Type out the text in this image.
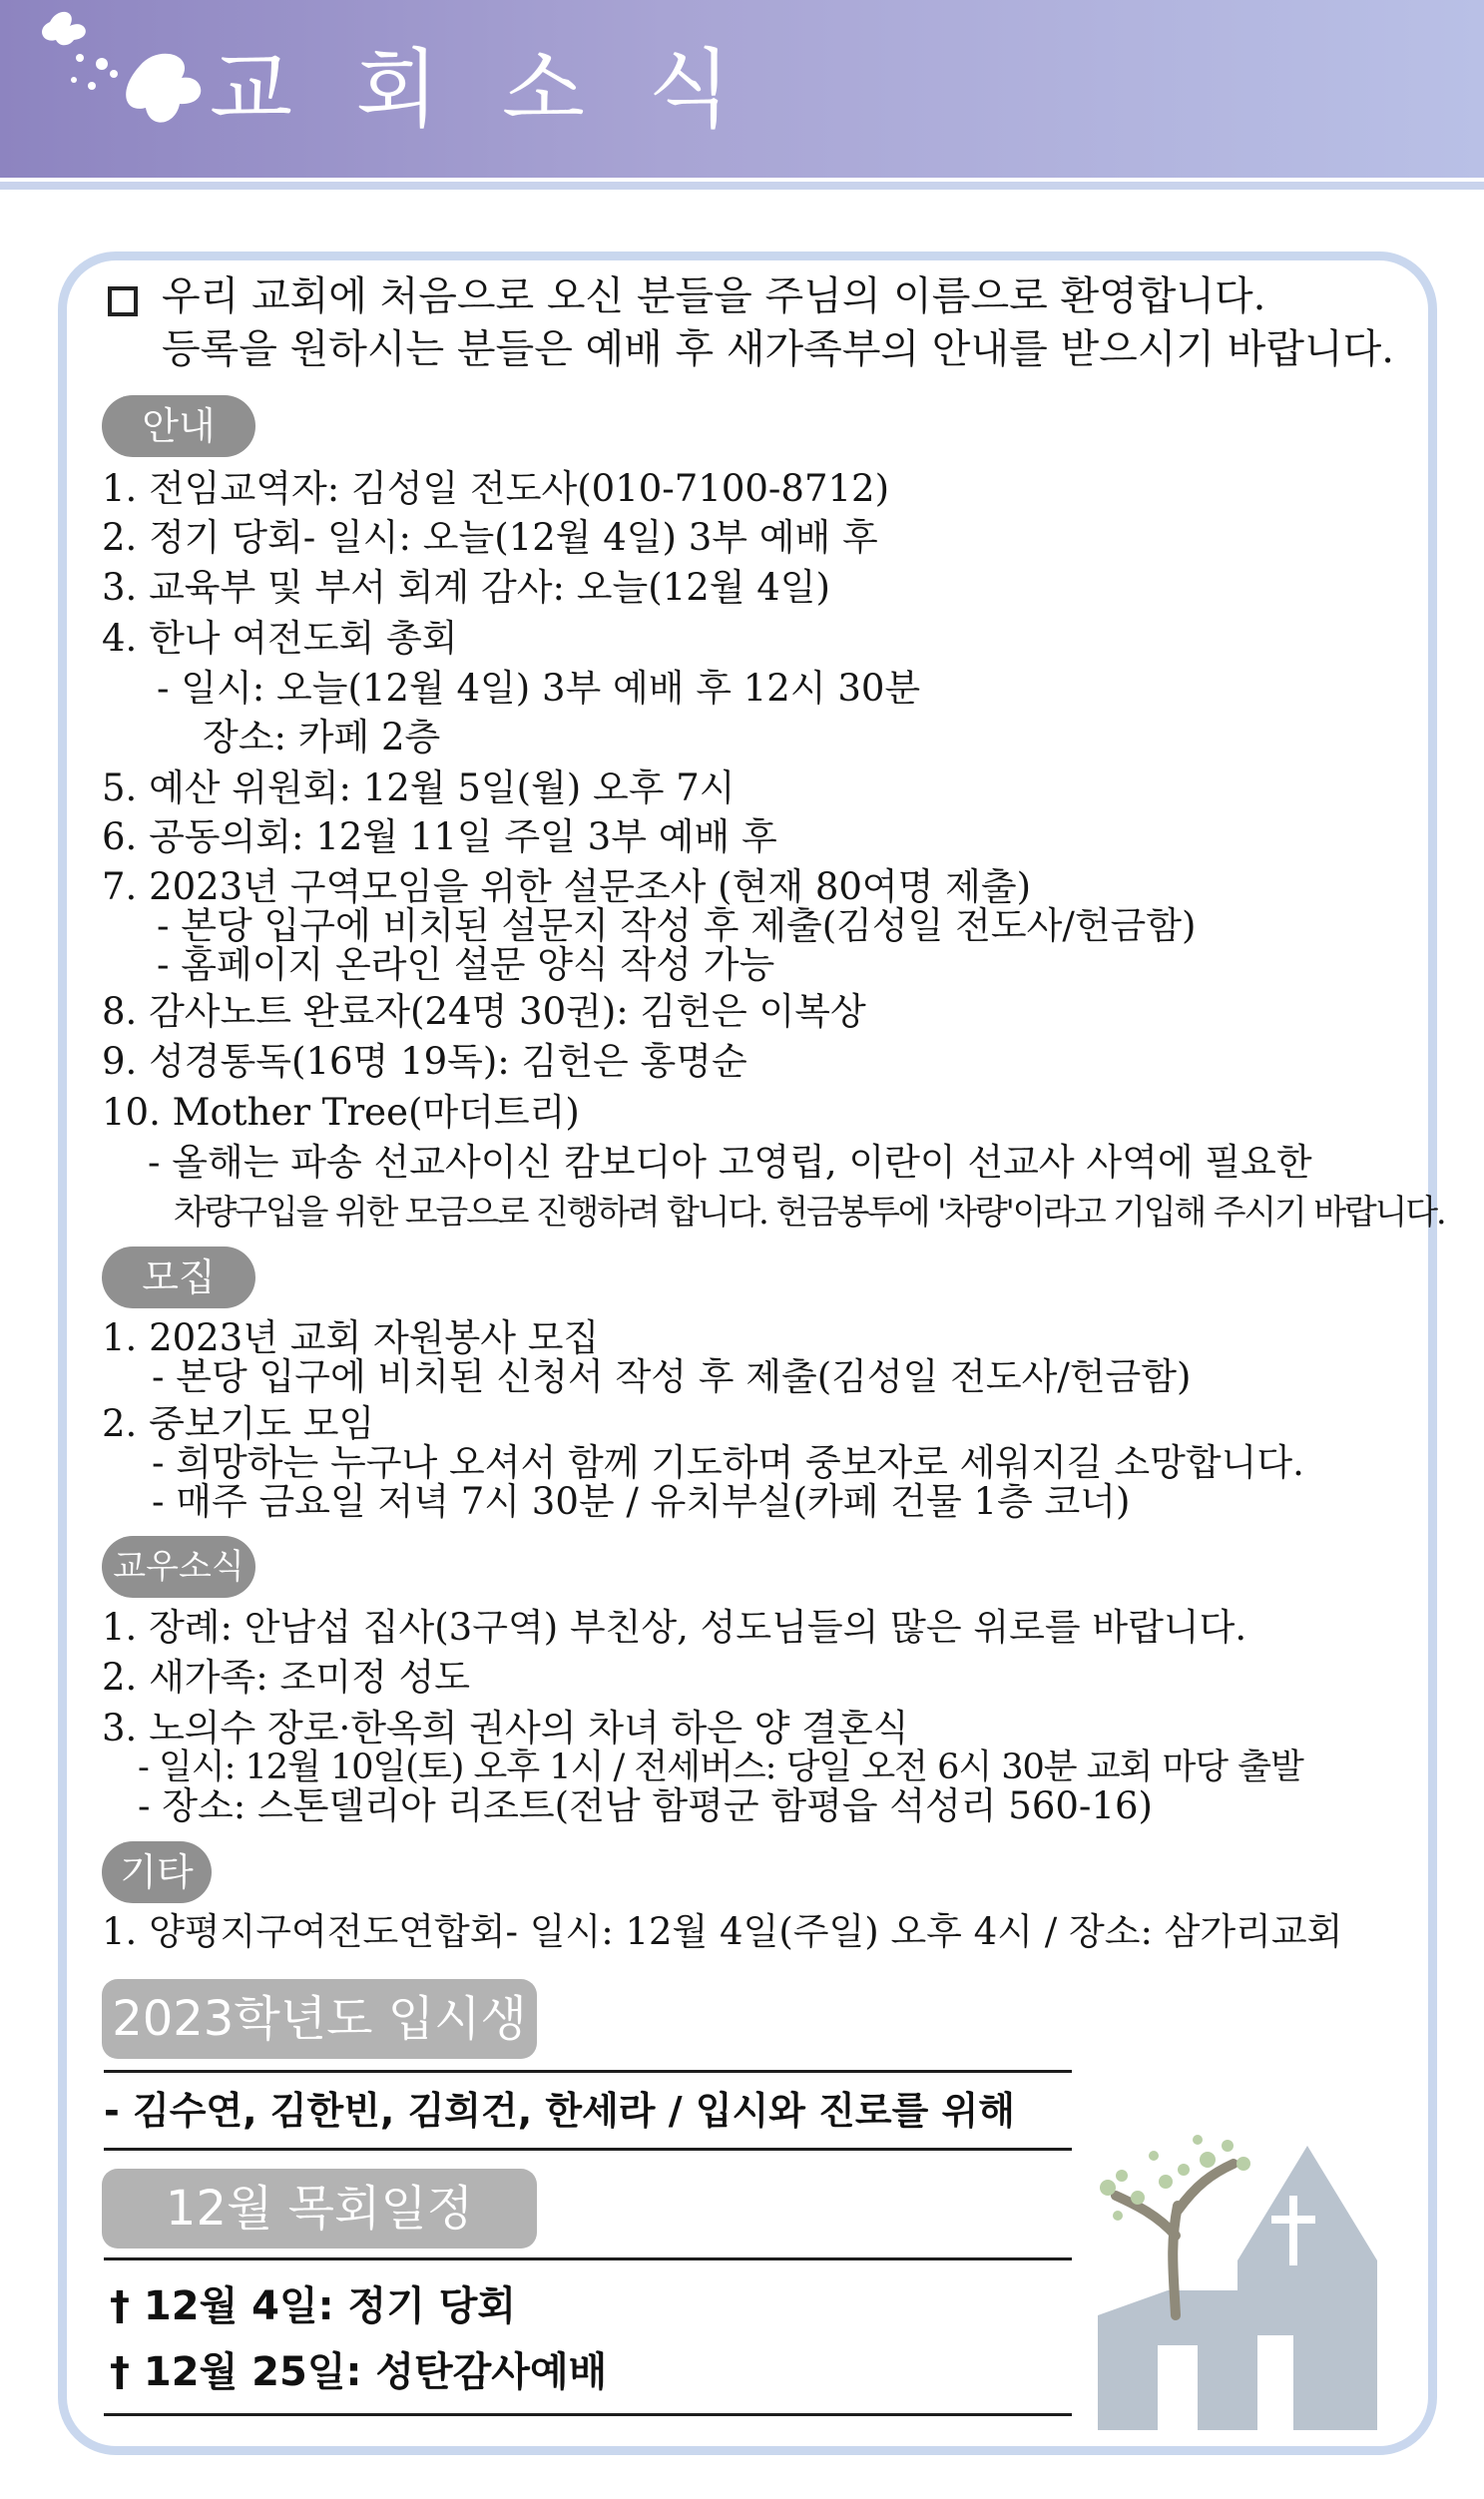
교 회 소 식
우리 교회에 처음으로 오신 분들을 주님의 이름으로 환영합니다.
등록을 원하시는 분들은 예배 후 새가족부의 안내를 받으시기 바랍니다.
안내
1. 전임교역자: 김성일 전도사(010-7100-8712)
2. 정기 당회- 일시: 오늘(12월 4일) 3부 예배 후
3. 교육부 및 부서 회계 감사: 오늘(12월 4일)
4. 한나 여전도회 총회
- 일시: 오늘(12월 4일) 3부 예배 후 12시 30분
장소: 카페 2층
5. 예산 위원회: 12월 5일(월) 오후 7시
6. 공동의회: 12월 11일 주일 3부 예배 후
7. 2023년 구역모임을 위한 설문조사 (현재 80여명 제출)
- 본당 입구에 비치된 설문지 작성 후 제출(김성일 전도사/헌금함)
- 홈페이지 온라인 설문 양식 작성 가능
8. 감사노트 완료자(24명 30권): 김헌은 이복상
9. 성경통독(16명 19독): 김헌은 홍명순
10. Mother Tree(마더트리)
- 올해는 파송 선교사이신 캄보디아 고영립, 이란이 선교사 사역에 필요한
차량구입을 위한 모금으로 진행하려 합니다. 헌금봉투에 '차량'이라고 기입해 주시기 바랍니다.
모집
1. 2023년 교회 자원봉사 모집
- 본당 입구에 비치된 신청서 작성 후 제출(김성일 전도사/헌금함)
2. 중보기도 모임
- 희망하는 누구나 오셔서 함께 기도하며 중보자로 세워지길 소망합니다.
- 매주 금요일 저녁 7시 30분 / 유치부실(카페 건물 1층 코너)
교우소식
1. 장례: 안남섭 집사(3구역) 부친상, 성도님들의 많은 위로를 바랍니다.
2. 새가족: 조미정 성도
3. 노의수 장로·한옥희 권사의 차녀 하은 양 결혼식
- 일시: 12월 10일(토) 오후 1시 / 전세버스: 당일 오전 6시 30분 교회 마당 출발
- 장소: 스톤델리아 리조트(전남 함평군 함평읍 석성리 560-16)
기타
1. 양평지구여전도연합회- 일시: 12월 4일(주일) 오후 4시 / 장소: 삼가리교회
2023학년도 입시생
- 김수연, 김한빈, 김희건, 한세라 / 입시와 진로를 위해
12월 목회일정
† 12월 4일: 정기 당회
† 12월 25일: 성탄감사예배
